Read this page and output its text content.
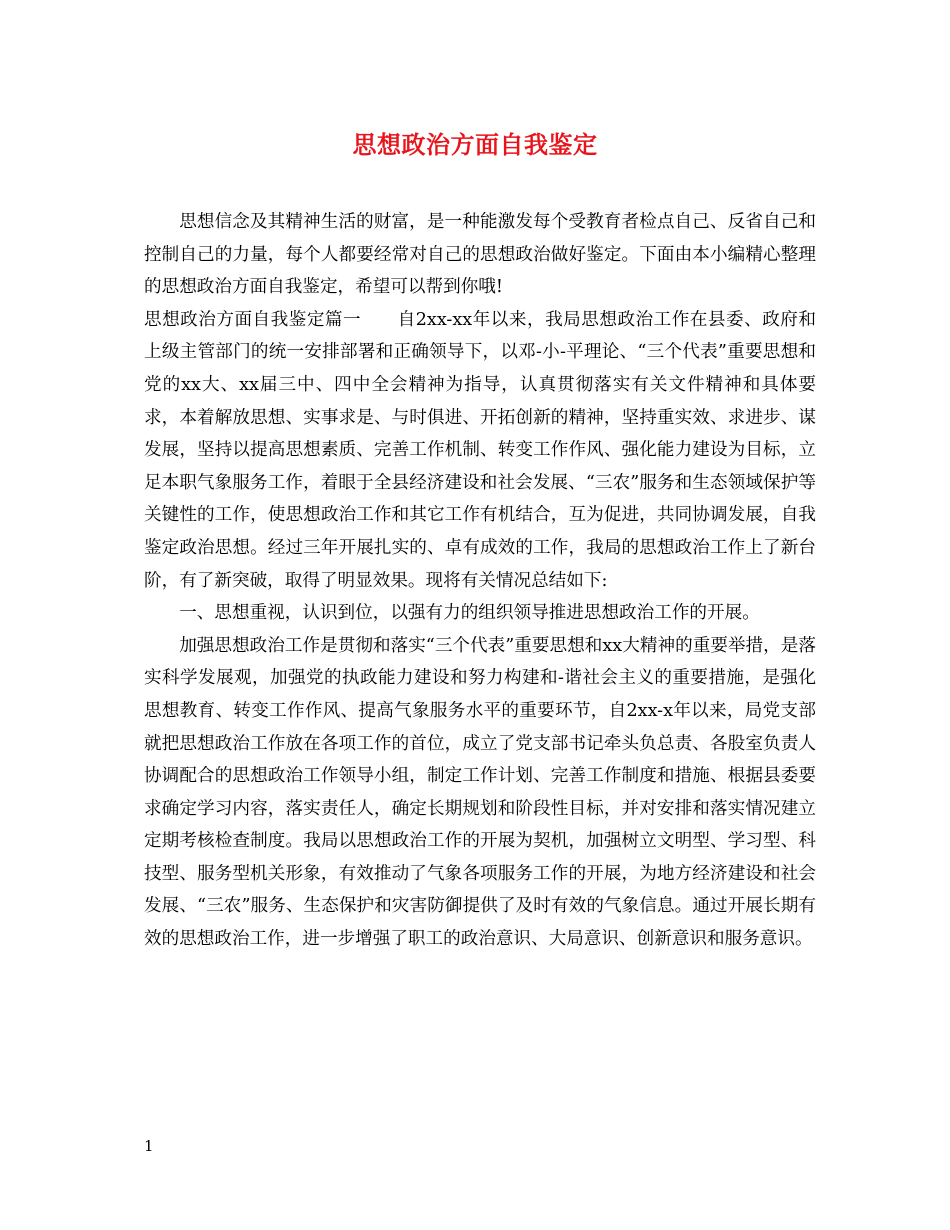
思想政治方面自我鉴定

思想信念及其精神生活的财富，是一种能激发每个受教育者检点自己、反省自己和控制自己的力量，每个人都要经常对自己的思想政治做好鉴定。下面由本小编精心整理的思想政治方面自我鉴定，希望可以帮到你哦!

思想政治方面自我鉴定篇一 自2xx-xx年以来，我局思想政治工作在县委、政府和上级主管部门的统一安排部署和正确领导下，以邓-小-平理论、“三个代表”重要思想和党的xx大、xx届三中、四中全会精神为指导，认真贯彻落实有关文件精神和具体要求，本着解放思想、实事求是、与时俱进、开拓创新的精神，坚持重实效、求进步、谋发展，坚持以提高思想素质、完善工作机制、转变工作作风、强化能力建设为目标，立足本职气象服务工作，着眼于全县经济建设和社会发展、“三农”服务和生态领域保护等关键性的工作，使思想政治工作和其它工作有机结合，互为促进，共同协调发展，自我鉴定政治思想。经过三年开展扎实的、卓有成效的工作，我局的思想政治工作上了新台阶，有了新突破，取得了明显效果。现将有关情况总结如下:

一、思想重视，认识到位，以强有力的组织领导推进思想政治工作的开展。

加强思想政治工作是贯彻和落实“三个代表”重要思想和xx大精神的重要举措，是落实科学发展观，加强党的执政能力建设和努力构建和-谐社会主义的重要措施，是强化思想教育、转变工作作风、提高气象服务水平的重要环节，自2xx-x年以来，局党支部就把思想政治工作放在各项工作的首位，成立了党支部书记牵头负总责、各股室负责人协调配合的思想政治工作领导小组，制定工作计划、完善工作制度和措施、根据县委要求确定学习内容，落实责任人，确定长期规划和阶段性目标，并对安排和落实情况建立定期考核检查制度。我局以思想政治工作的开展为契机，加强树立文明型、学习型、科技型、服务型机关形象，有效推动了气象各项服务工作的开展，为地方经济建设和社会发展、“三农”服务、生态保护和灾害防御提供了及时有效的气象信息。通过开展长期有效的思想政治工作，进一步增强了职工的政治意识、大局意识、创新意识和服务意识。

1
